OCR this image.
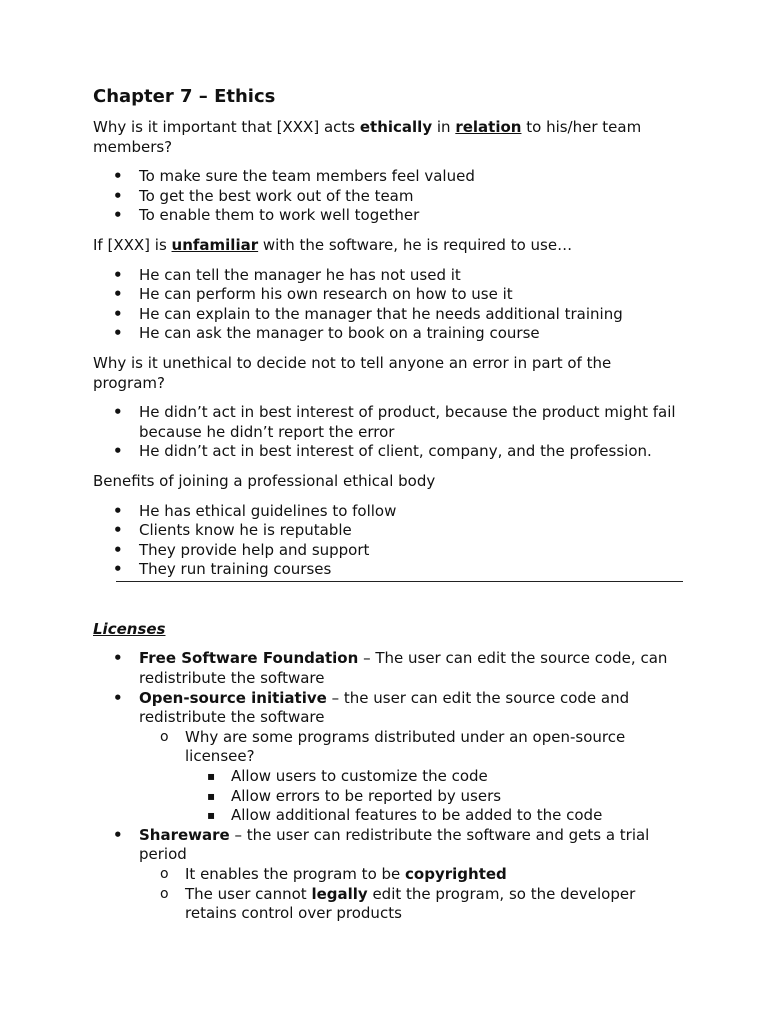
Chapter 7 – Ethics

Why is it important that [XXX] acts ethically in relation to his/her team members?

• To make sure the team members feel valued
• To get the best work out of the team
• To enable them to work well together

If [XXX] is unfamiliar with the software, he is required to use…

• He can tell the manager he has not used it
• He can perform his own research on how to use it
• He can explain to the manager that he needs additional training
• He can ask the manager to book on a training course

Why is it unethical to decide not to tell anyone an error in part of the program?

• He didn’t act in best interest of product, because the product might fail because he didn’t report the error
• He didn’t act in best interest of client, company, and the profession.

Benefits of joining a professional ethical body

• He has ethical guidelines to follow
• Clients know he is reputable
• They provide help and support
• They run training courses

Licenses

• Free Software Foundation – The user can edit the source code, can redistribute the software
• Open-source initiative – the user can edit the source code and redistribute the software
o Why are some programs distributed under an open-source licensee?
▪ Allow users to customize the code
▪ Allow errors to be reported by users
▪ Allow additional features to be added to the code
• Shareware – the user can redistribute the software and gets a trial period
o It enables the program to be copyrighted
o The user cannot legally edit the program, so the developer retains control over products
